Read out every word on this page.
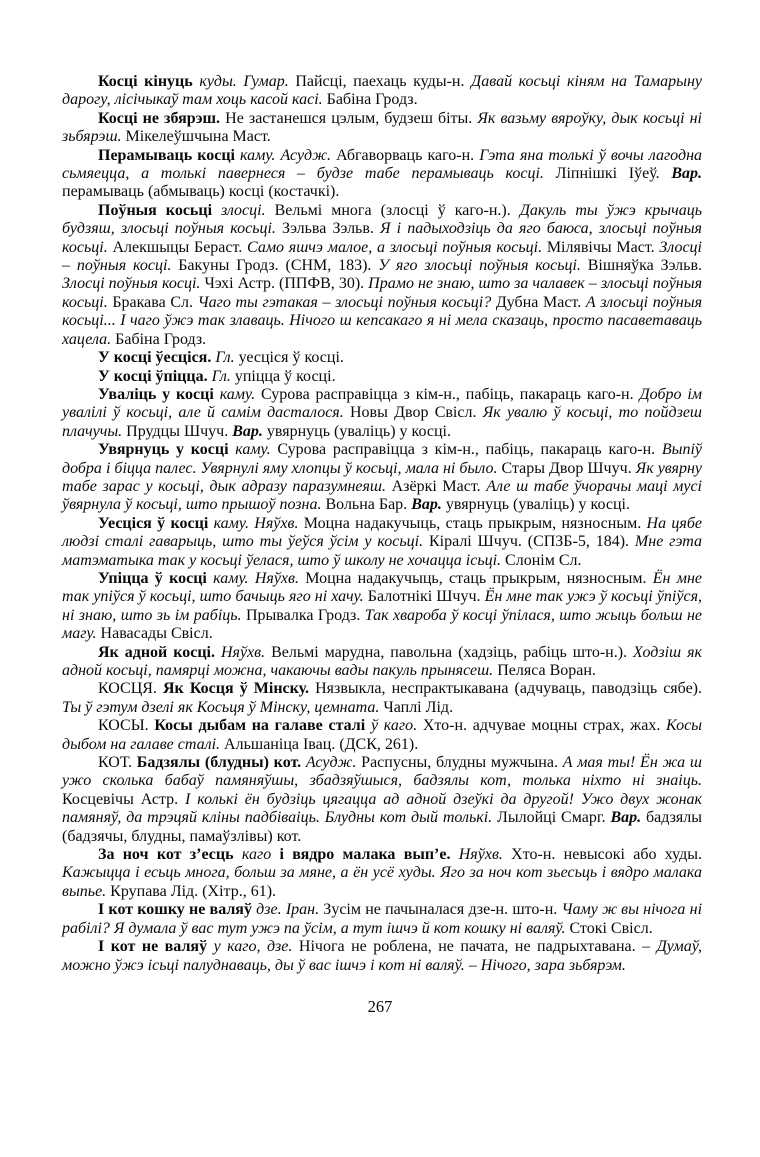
Косці кінуць куды. Гумар. Пайсці, паехаць куды-н. Давай косьці кіням на Тамарыну дарогу, лісічыкаў там хоць касой касі. Бабіна Гродз.

Косці не збярэш. Не застанешся цэлым, будзеш біты. Як вазьму вяроўку, дык косьці ні зьбярэш. Мікелеўшчына Маст.

Перамываць косці каму. Асудж. Абгаворваць каго-н. Гэта яна толькі ў вочы лагодна сьмяецца, а толькі павернеся – будзе табе перамываць косці. Ліпнішкі Іўеў. Вар. перамываць (абмываць) косці (костачкі).

Поўныя косьці злосці. Вельмі многа (злосці ў каго-н.). Дакуль ты ўжэ крычаць будзяш, злосьці поўныя косьці. Зэльва Зэльв. Я і падыходзіць да яго баюса, злосьці поўныя косьці. Алекшыцы Бераст. Само яшчэ малое, а злосьці поўныя косьці. Мілявічы Маст. Злосці – поўныя косці. Бакуны Гродз. (СНМ, 183). У яго злосьці поўныя косьці. Вішняўка Зэльв. Злосці поўныя косці. Чэхі Астр. (ППФВ, 30). Прамо не знаю, што за чалавек – злосьці поўныя косьці. Бракава Сл. Чаго ты гэтакая – злосьці поўныя косьці? Дубна Маст. А злосьці поўныя косьці... І чаго ўжэ так злаваць. Нічого ш кепсакаго я ні мела сказаць, просто пасаветаваць хацела. Бабіна Гродз.

У косці ўесціся. Гл. уесціся ў косці.

У косці ўпіцца. Гл. упіцца ў косці.

Уваліць у косці каму. Сурова расправіцца з кім-н., пабіць, пакараць каго-н. Добро ім увалілі ў косьці, але й самім дасталося. Новы Двор Свісл. Як увалю ў косьці, то пойдзеш плачучы. Прудцы Шчуч. Вар. увярнуць (уваліць) у косці.

Увярнуць у косці каму. Сурова расправіцца з кім-н., пабіць, пакараць каго-н. Выпіў добра і біцца палес. Увярнулі яму хлопцы ў косьці, мала ні было. Стары Двор Шчуч. Як увярну табе зарас у косьці, дык адразу паразумнеяш. Азёркі Маст. Але ш табе ўчорачы маці мусі ўвярнула ў косьці, што прышоў позна. Вольна Бар. Вар. увярнуць (уваліць) у косці.

Уесціся ў косці каму. Няўхв. Моцна надакучыць, стаць прыкрым, нязносным. На цябе людзі сталі гаварыць, што ты ўеўся ўсім у косьці. Кіралі Шчуч. (СПЗБ-5, 184). Мне гэта матэматыка так у косьці ўелася, што ў школу не хочацца ісьці. Слонім Сл.

Упіцца ў косці каму. Няўхв. Моцна надакучыць, стаць прыкрым, нязносным. Ён мне так упіўся ў косьці, што бачыць яго ні хачу. Балотнікі Шчуч. Ён мне так ужэ ў косьці ўпіўся, ні знаю, што зь ім рабіць. Прывалка Гродз. Так хвароба ў косці ўпілася, што жыць больш не магу. Навасады Свісл.

Як адной косці. Няўхв. Вельмі марудна, павольна (хадзіць, рабіць што-н.). Ходзіш як адной косьці, памярці можна, чакаючы вады пакуль прынясеш. Пеляса Воран.

КОСЦЯ. Як Косця ў Мінску. Нязвыкла, неспрактыкавана (адчуваць, паводзіць сябе). Ты ў гэтум дзелі як Косьця ў Мінску, цемната. Чаплі Лід.

КОСЫ. Косы дыбам на галаве сталі ў каго. Хто-н. адчувае моцны страх, жах. Косы дыбом на галаве сталі. Альшаніца Івац. (ДСК, 261).

КОТ. Бадзялы (блудны) кот. Асудж. Распусны, блудны мужчына. А мая ты! Ён жа ш ужо сколька бабаў памяняўшы, збадзяўшыся, бадзялы кот, толька ніхто ні знаіць. Косцевічы Астр. І колькі ён будзіць цягацца ад адной дзеўкі да другой! Ужо двух жонак памяняў, да трэцяй кліны падбіваіць. Блудны кот дый толькі. Лылойці Смарг. Вар. бадзялы (бадзячы, блудны, памаўзлівы) кот.

За ноч кот з’есць каго і вядро малака вып’е. Няўхв. Хто-н. невысокі або худы. Кажыцца і есьць многа, больш за мяне, а ён усё худы. Яго за ноч кот зьесьць і вядро малака выпье. Крупава Лід. (Хітр., 61).

І кот кошку не валяў дзе. Іран. Зусім не пачыналася дзе-н. што-н. Чаму ж вы нічога ні рабілі? Я думала ў вас тут ужэ па ўсім, а тут ішчэ й кот кошку ні валяў. Стокі Свісл.

І кот не валяў у каго, дзе. Нічога не роблена, не пачата, не падрыхтавана. – Думаў, можно ўжэ ісьці палуднаваць, ды ў вас ішчэ і кот ні валяў. – Нічого, зара зьбярэм.

267
